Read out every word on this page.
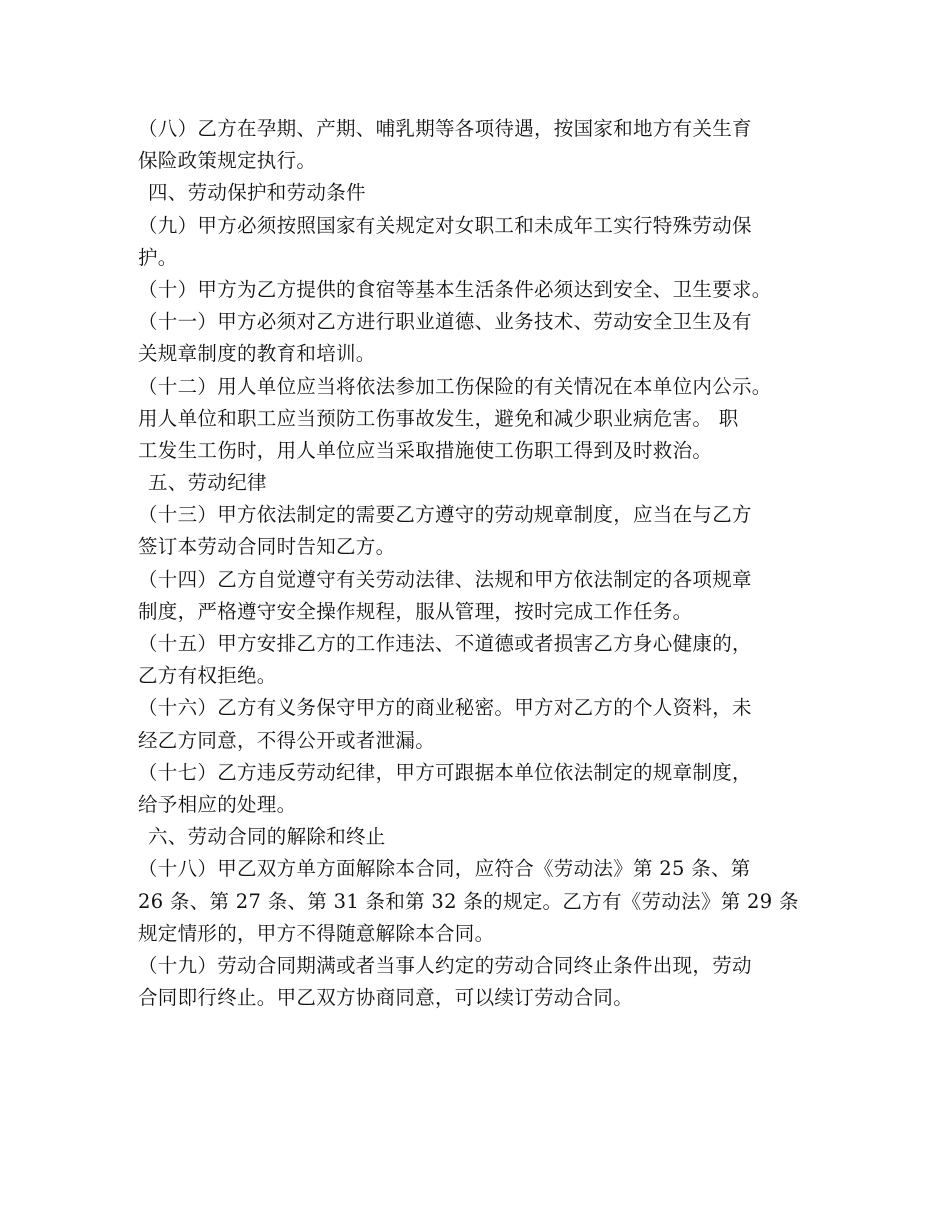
（八）乙方在孕期、产期、哺乳期等各项待遇，按国家和地方有关生育
保险政策规定执行。
四、劳动保护和劳动条件
（九）甲方必须按照国家有关规定对女职工和未成年工实行特殊劳动保
护。
（十）甲方为乙方提供的食宿等基本生活条件必须达到安全、卫生要求。
（十一）甲方必须对乙方进行职业道德、业务技术、劳动安全卫生及有
关规章制度的教育和培训。
（十二）用人单位应当将依法参加工伤保险的有关情况在本单位内公示。
用人单位和职工应当预防工伤事故发生，避免和减少职业病危害。 职
工发生工伤时，用人单位应当采取措施使工伤职工得到及时救治。
五、劳动纪律
（十三）甲方依法制定的需要乙方遵守的劳动规章制度，应当在与乙方
签订本劳动合同时告知乙方。
（十四）乙方自觉遵守有关劳动法律、法规和甲方依法制定的各项规章
制度，严格遵守安全操作规程，服从管理，按时完成工作任务。
（十五）甲方安排乙方的工作违法、不道德或者损害乙方身心健康的，
乙方有权拒绝。
（十六）乙方有义务保守甲方的商业秘密。甲方对乙方的个人资料，未
经乙方同意，不得公开或者泄漏。
（十七）乙方违反劳动纪律，甲方可跟据本单位依法制定的规章制度，
给予相应的处理。
六、劳动合同的解除和终止
（十八）甲乙双方单方面解除本合同，应符合《劳动法》第 25 条、第
26 条、第 27 条、第 31 条和第 32 条的规定。乙方有《劳动法》第 29 条
规定情形的，甲方不得随意解除本合同。
（十九）劳动合同期满或者当事人约定的劳动合同终止条件出现，劳动
合同即行终止。甲乙双方协商同意，可以续订劳动合同。
